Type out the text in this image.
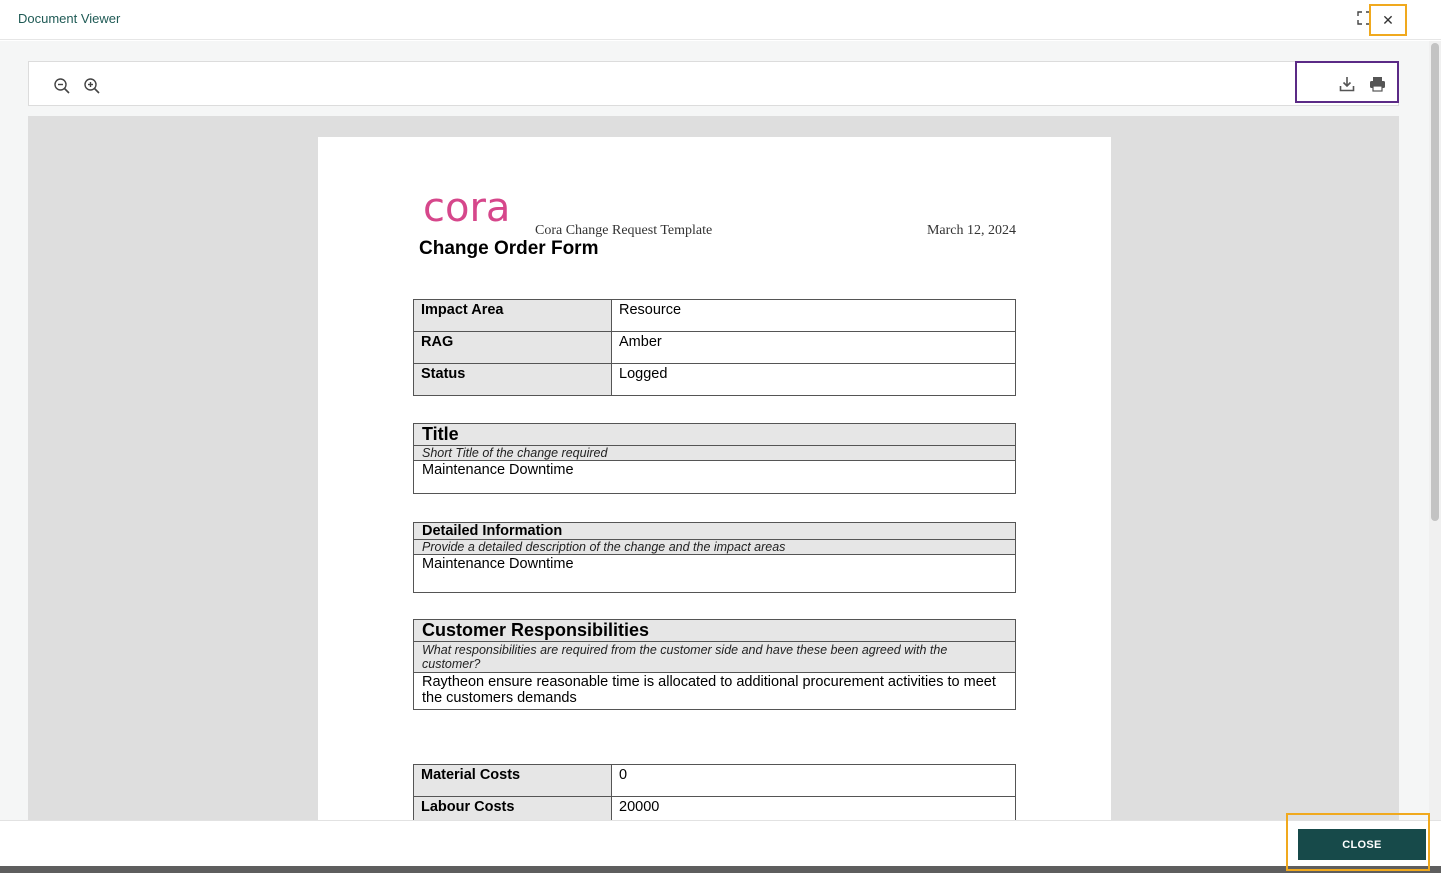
Document Viewer	✕
cora Cora Change Request Template	March 12, 2024
Change Order Form
Impact Area	Resource
RAG	Amber
Status	Logged
Title
Short Title of the change required
Maintenance Downtime
Detailed Information
Provide a detailed description of the change and the impact areas
Maintenance Downtime
Customer Responsibilities
What responsibilities are required from the customer side and have these been agreed with the customer?
Raytheon ensure reasonable time is allocated to additional procurement activities to meet the customers demands
Material Costs	0
Labour Costs	20000
CLOSE
